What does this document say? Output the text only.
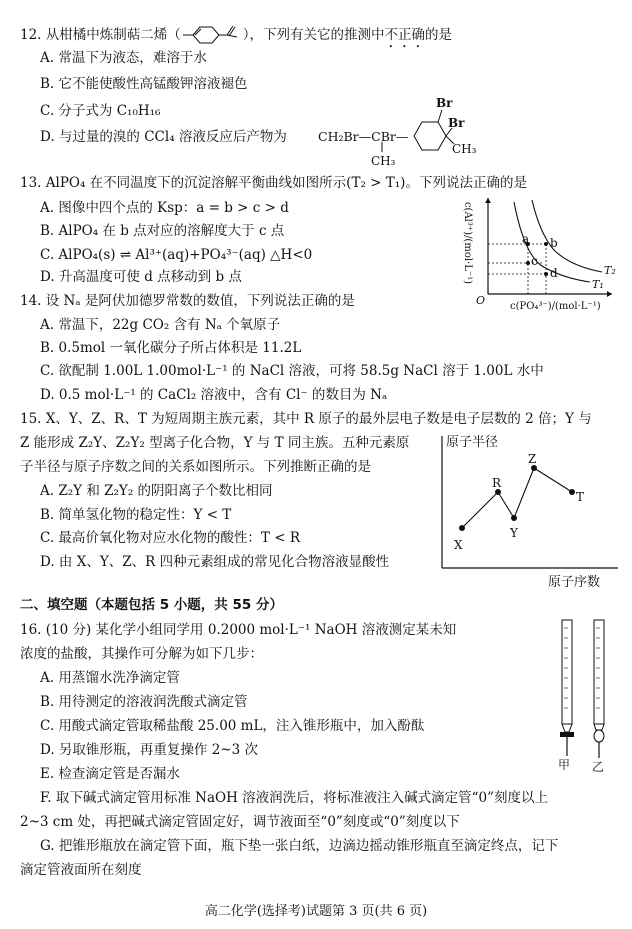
12. 从柑橘中炼制萜二烯（	），下列有关它的推测中不正确的是
A. 常温下为液态，难溶于水
B. 它不能使酸性高锰酸钾溶液褪色
C. 分子式为 C₁₀H₁₆
D. 与过量的溴的 CCl₄ 溶液反应后产物为 CH₂Br—CBr—
CH₃
Br
Br
CH₃
13. AlPO₄ 在不同温度下的沉淀溶解平衡曲线如图所示(T₂ > T₁)。下列说法正确的是
A. 图像中四个点的 Ksp：a = b > c > d
B. AlPO₄ 在 b 点对应的溶解度大于 c 点
C. AlPO₄(s) ⇌ Al³⁺(aq)+PO₄³⁻(aq) △H<0
D. 升高温度可使 d 点移动到 b 点
a b
c
d	T₂
T₁
O c(PO₄³⁻)/(mol·L⁻¹)
c(Al³⁺)/(mol·L⁻¹)
14. 设 Nₐ 是阿伏加德罗常数的数值，下列说法正确的是
A. 常温下，22g CO₂ 含有 Nₐ 个氧原子
B. 0.5mol 一氧化碳分子所占体积是 11.2L
C. 欲配制 1.00L 1.00mol·L⁻¹ 的 NaCl 溶液，可将 58.5g NaCl 溶于 1.00L 水中
D. 0.5 mol·L⁻¹ 的 CaCl₂ 溶液中，含有 Cl⁻ 的数目为 Nₐ
15. X、Y、Z、R、T 为短周期主族元素，其中 R 原子的最外层电子数是电子层数的 2 倍；Y 与
Z 能形成 Z₂Y、Z₂Y₂ 型离子化合物，Y 与 T 同主族。五种元素原
子半径与原子序数之间的关系如图所示。下列推断正确的是
A. Z₂Y 和 Z₂Y₂ 的阴阳离子个数比相同
B. 简单氢化物的稳定性：Y < T
C. 最高价氧化物对应水化物的酸性：T < R
D. 由 X、Y、Z、R 四种元素组成的常见化合物溶液显酸性
原子半径
X
R
Y
Z
T
原子序数
二、填空题（本题包括 5 小题，共 55 分）
16. (10 分) 某化学小组同学用 0.2000 mol·L⁻¹ NaOH 溶液测定某未知
浓度的盐酸，其操作可分解为如下几步：
A. 用蒸馏水洗净滴定管
B. 用待测定的溶液润洗酸式滴定管
C. 用酸式滴定管取稀盐酸 25.00 mL，注入锥形瓶中，加入酚酞
D. 另取锥形瓶，再重复操作 2~3 次
E. 检查滴定管是否漏水
F. 取下碱式滴定管用标准 NaOH 溶液润洗后，将标准液注入碱式滴定管“0”刻度以上
2~3 cm 处，再把碱式滴定管固定好，调节液面至“0”刻度或“0”刻度以下
G. 把锥形瓶放在滴定管下面，瓶下垫一张白纸，边滴边摇动锥形瓶直至滴定终点，记下
滴定管液面所在刻度
甲 乙
高二化学(选择考)试题第 3 页(共 6 页)
